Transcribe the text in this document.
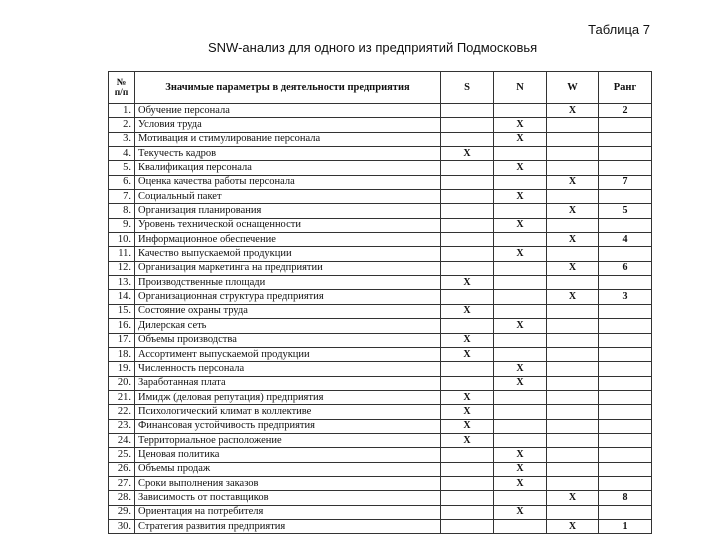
Таблица 7
SNW-анализ для одного из предприятий Подмосковья
№
п/п	Значимые параметры в деятельности предприятия	S	N	W	Ранг
1.	Обучение персонала			X	2
2.	Условия труда		X		
3.	Мотивация и стимулирование персонала		X		
4.	Текучесть кадров	X			
5.	Квалификация персонала		X		
6.	Оценка качества работы персонала			X	7
7.	Социальный пакет		X		
8.	Организация планирования			X	5
9.	Уровень технической оснащенности		X		
10.	Информационное обеспечение			X	4
11.	Качество выпускаемой продукции		X		
12.	Организация маркетинга на предприятии			X	6
13.	Производственные площади	X			
14.	Организационная структура предприятия			X	3
15.	Состояние охраны труда	X			
16.	Дилерская сеть		X		
17.	Объемы производства	X			
18.	Ассортимент выпускаемой продукции	X			
19.	Численность персонала		X		
20.	Заработанная плата		X		
21.	Имидж (деловая репутация) предприятия	X			
22.	Психологический климат в коллективе	X			
23.	Финансовая устойчивость предприятия	X			
24.	Территориальное расположение	X			
25.	Ценовая политика		X		
26.	Объемы продаж		X		
27.	Сроки выполнения заказов		X		
28.	Зависимость от поставщиков			X	8
29.	Ориентация на потребителя		X		
30.	Стратегия развития предприятия			X	1
